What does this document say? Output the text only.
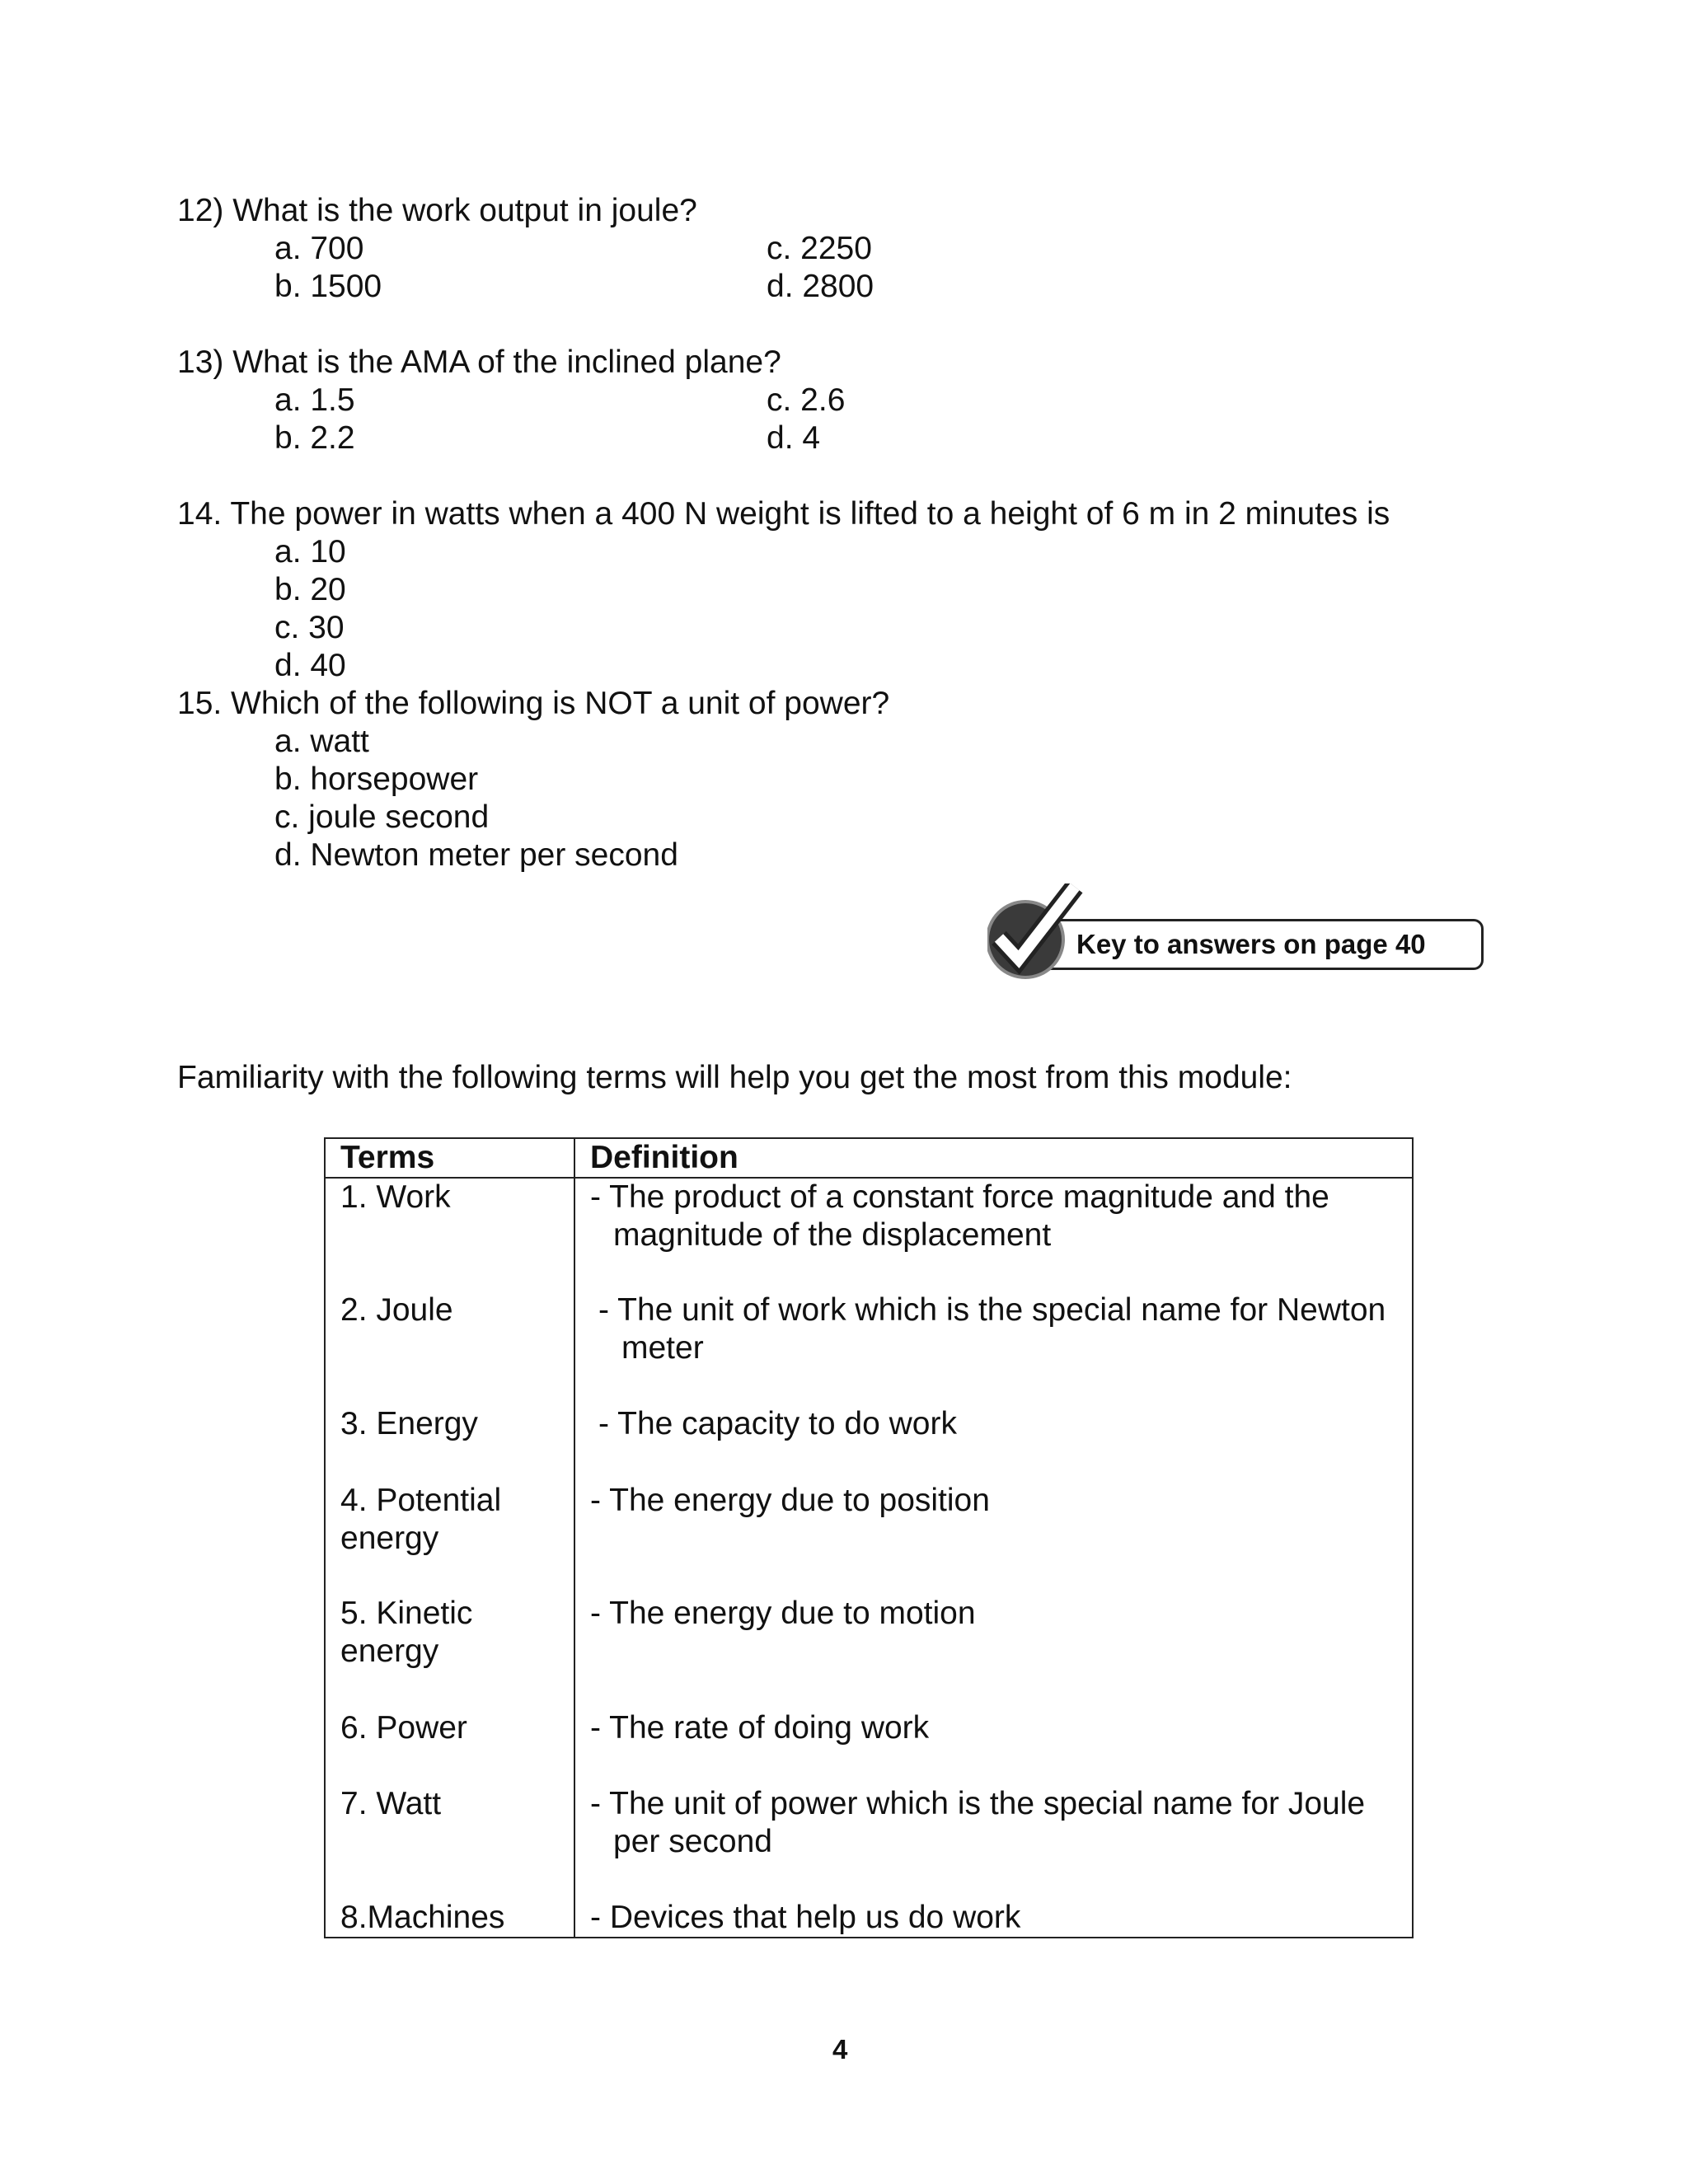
12) What is the work output in joule?
a. 700
b. 1500
c. 2250
d. 2800
13) What is the AMA of the inclined plane?
a. 1.5
b. 2.2
c. 2.6
d. 4
14. The power in watts when a 400 N weight is lifted to a height of 6 m in 2 minutes is
a. 10
b. 20
c. 30
d. 40
15. Which of the following is NOT a unit of power?
a. watt
b. horsepower
c. joule second
d. Newton meter per second
Key to answers on page 40
Familiarity with the following terms will help you get the most from this module:
Terms	Definition
1. Work	- The product of a constant force magnitude and the magnitude of the displacement

2. Joule	- The unit of work which is the special name for Newton meter

3. Energy	- The capacity to do work

4. Potential energy	- The energy due to position

5. Kinetic energy	- The energy due to motion

6. Power	- The rate of doing work

7. Watt	- The unit of power which is the special name for Joule per second

8.Machines	- Devices that help us do work
4
